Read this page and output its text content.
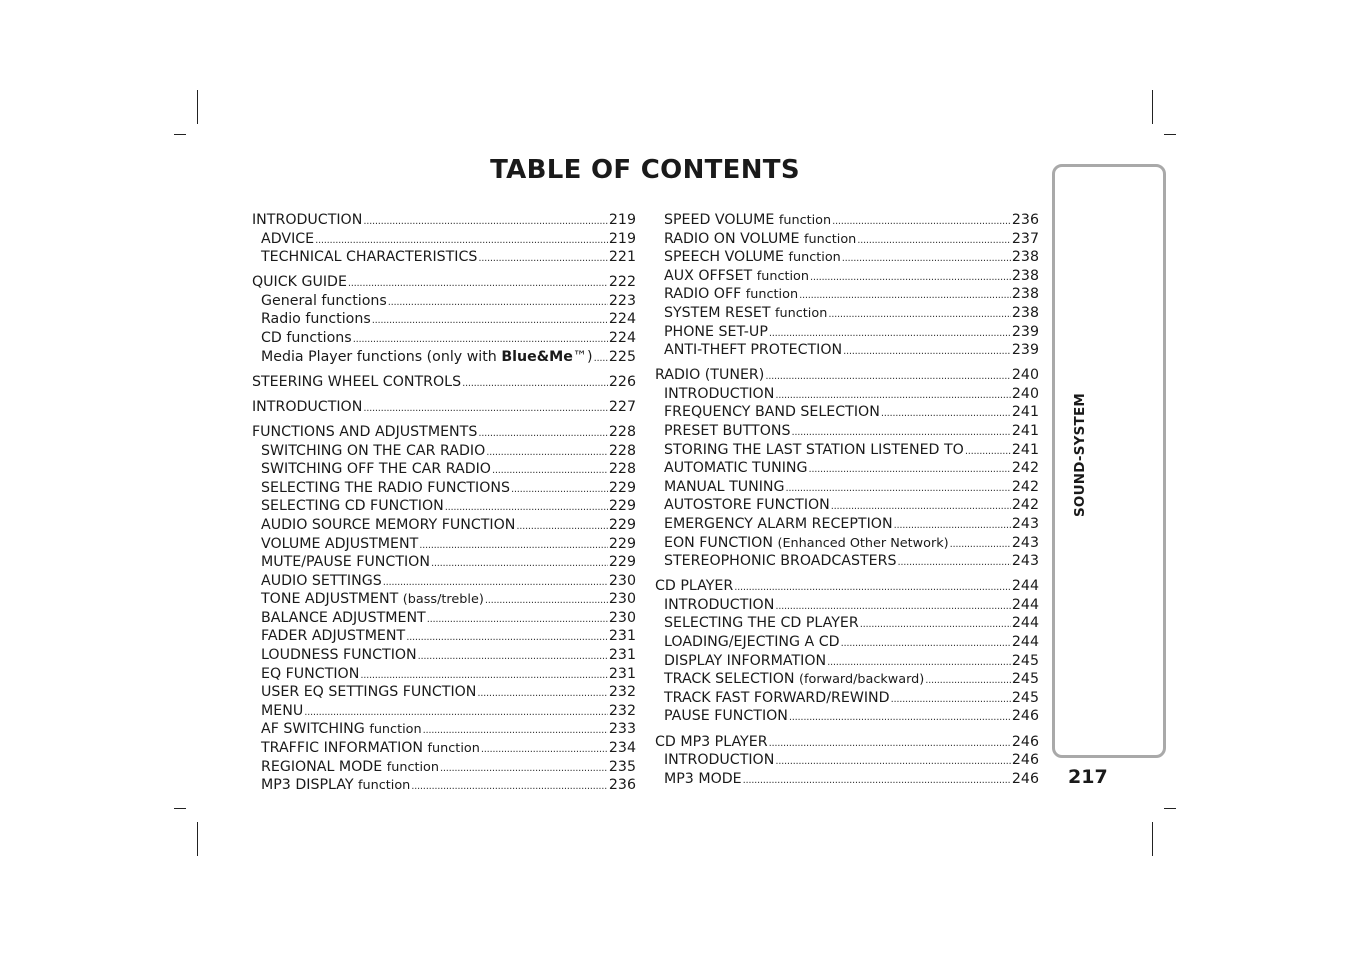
TABLE OF CONTENTS
INTRODUCTION .....	219
ADVICE .....	219
TECHNICAL CHARACTERISTICS .....	221
QUICK GUIDE .....	222
General functions .....	223
Radio functions .....	224
CD functions .....	224
Media Player functions (only with Blue&Me™) ..... 225
STEERING WHEEL CONTROLS .....	226
INTRODUCTION .....	227
FUNCTIONS AND ADJUSTMENTS .....	228
SWITCHING ON THE CAR RADIO .....	228
SWITCHING OFF THE CAR RADIO .....	228
SELECTING THE RADIO FUNCTIONS .....	229
SELECTING CD FUNCTION .....	229
AUDIO SOURCE MEMORY FUNCTION .....	229
VOLUME ADJUSTMENT .....	229
MUTE/PAUSE FUNCTION .....	229
AUDIO SETTINGS .....	230
TONE ADJUSTMENT (bass/treble) .....	230
BALANCE ADJUSTMENT .....	230
FADER ADJUSTMENT .....	231
LOUDNESS FUNCTION .....	231
EQ FUNCTION .....	231
USER EQ SETTINGS FUNCTION .....	232
MENU .....	232
AF SWITCHING function .....	233
TRAFFIC INFORMATION function .....	234
REGIONAL MODE function .....	235
MP3 DISPLAY function .....	236
SPEED VOLUME function .....	236
RADIO ON VOLUME function .....	237
SPEECH VOLUME function .....	238
AUX OFFSET function .....	238
RADIO OFF function .....	238
SYSTEM RESET function .....	238
PHONE SET-UP .....	239
ANTI-THEFT PROTECTION .....	239
RADIO (TUNER) .....	240
INTRODUCTION .....	240
FREQUENCY BAND SELECTION .....	241
PRESET BUTTONS .....	241
STORING THE LAST STATION LISTENED TO .....	241
AUTOMATIC TUNING .....	242
MANUAL TUNING .....	242
AUTOSTORE FUNCTION .....	242
EMERGENCY ALARM RECEPTION .....	243
EON FUNCTION (Enhanced Other Network) .....	243
STEREOPHONIC BROADCASTERS .....	243
CD PLAYER .....	244
INTRODUCTION .....	244
SELECTING THE CD PLAYER .....	244
LOADING/EJECTING A CD .....	244
DISPLAY INFORMATION .....	245
TRACK SELECTION (forward/backward) .....	245
TRACK FAST FORWARD/REWIND .....	245
PAUSE FUNCTION .....	246
CD MP3 PLAYER .....	246
INTRODUCTION .....	246
MP3 MODE .....	246
SOUND-SYSTEM
217
